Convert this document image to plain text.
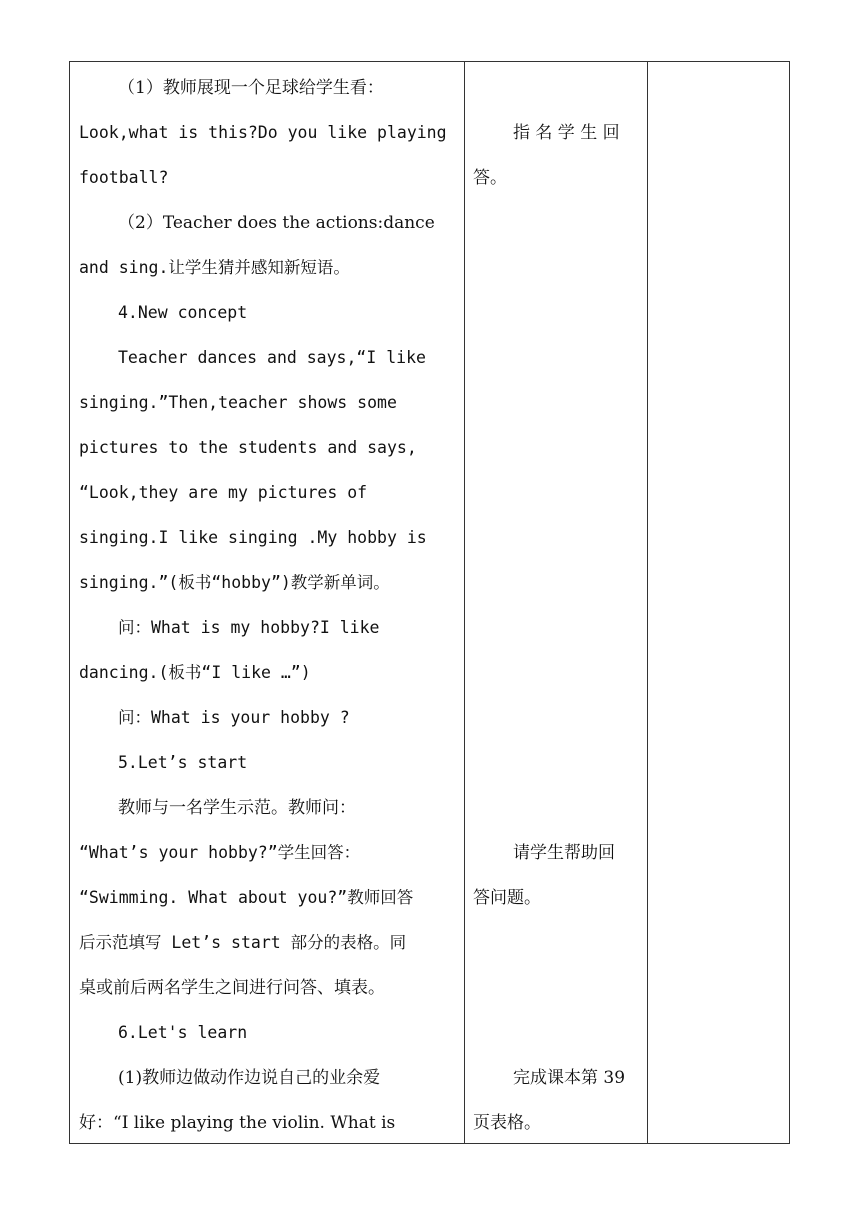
（1）教师展现一个足球给学生看：
Look,what is this?Do you like playing
football?
（2）Teacher does the actions:dance
and sing.让学生猜并感知新短语。
4.New concept
Teacher dances and says,“I like
singing.”Then,teacher shows some
pictures to the students and says,
“Look,they are my pictures of
singing.I like singing .My hobby is
singing.”(板书“hobby”)教学新单词。
问：What is my hobby?I like
dancing.(板书“I like …”)
问：What is your hobby ?
5.Let’s start
教师与一名学生示范。教师问：
“What’s your hobby?”学生回答：
“Swimming. What about you?”教师回答
后示范填写 Let’s start 部分的表格。同
桌或前后两名学生之间进行问答、填表。
6.Let's learn
(1)教师边做动作边说自己的业余爱
好：“I like playing the violin. What is
指 名 学 生 回
答。
请学生帮助回
答问题。
完成课本第 39
页表格。
